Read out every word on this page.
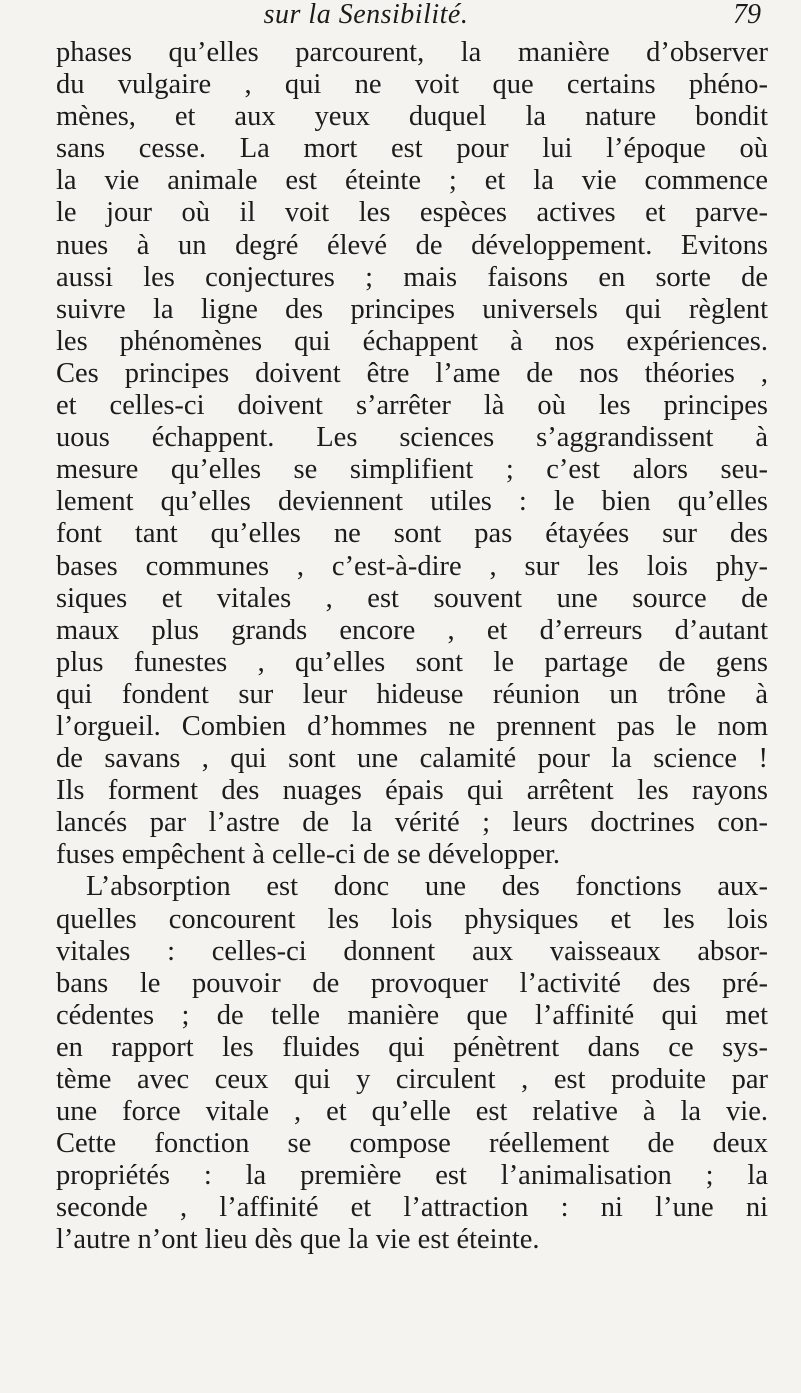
sur la Sensibilité.	79
phases qu’elles parcourent, la manière d’observer
du vulgaire , qui ne voit que certains phéno-
mènes, et aux yeux duquel la nature bondit
sans cesse. La mort est pour lui l’époque où
la vie animale est éteinte ; et la vie commence
le jour où il voit les espèces actives et parve-
nues à un degré élevé de développement. Evitons
aussi les conjectures ; mais faisons en sorte de
suivre la ligne des principes universels qui règlent
les phénomènes qui échappent à nos expériences.
Ces principes doivent être l’ame de nos théories ,
et celles-ci doivent s’arrêter là où les principes
uous échappent. Les sciences s’aggrandissent à
mesure qu’elles se simplifient ; c’est alors seu-
lement qu’elles deviennent utiles : le bien qu’elles
font tant qu’elles ne sont pas étayées sur des
bases communes , c’est-à-dire , sur les lois phy-
siques et vitales , est souvent une source de
maux plus grands encore , et d’erreurs d’autant
plus funestes , qu’elles sont le partage de gens
qui fondent sur leur hideuse réunion un trône à
l’orgueil. Combien d’hommes ne prennent pas le nom
de savans , qui sont une calamité pour la science !
Ils forment des nuages épais qui arrêtent les rayons
lancés par l’astre de la vérité ; leurs doctrines con-
fuses empêchent à celle-ci de se développer.
L’absorption est donc une des fonctions aux-
quelles concourent les lois physiques et les lois
vitales : celles-ci donnent aux vaisseaux absor-
bans le pouvoir de provoquer l’activité des pré-
cédentes ; de telle manière que l’affinité qui met
en rapport les fluides qui pénètrent dans ce sys-
tème avec ceux qui y circulent , est produite par
une force vitale , et qu’elle est relative à la vie.
Cette fonction se compose réellement de deux
propriétés : la première est l’animalisation ; la
seconde , l’affinité et l’attraction : ni l’une ni
l’autre n’ont lieu dès que la vie est éteinte.
